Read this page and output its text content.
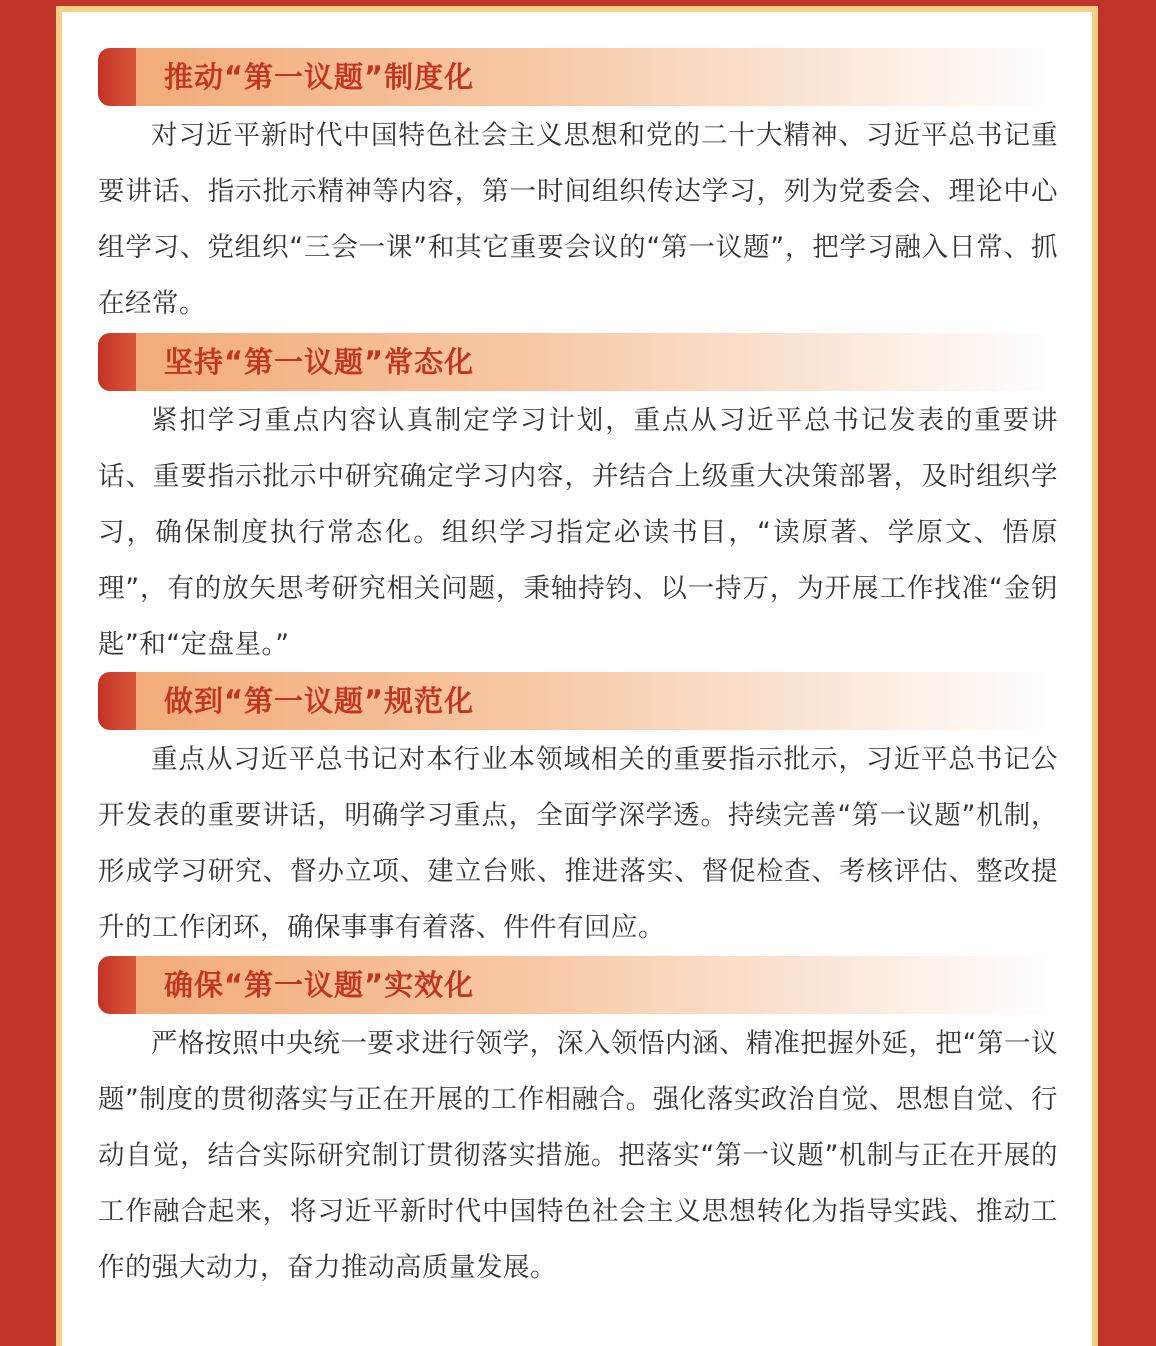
推动“第一议题”制度化

对习近平新时代中国特色社会主义思想和党的二十大精神、习近平总书记重要讲话、指示批示精神等内容，第一时间组织传达学习，列为党委会、理论中心组学习、党组织“三会一课”和其它重要会议的“第一议题”，把学习融入日常、抓在经常。

坚持“第一议题”常态化

紧扣学习重点内容认真制定学习计划，重点从习近平总书记发表的重要讲话、重要指示批示中研究确定学习内容，并结合上级重大决策部署，及时组织学习，确保制度执行常态化。组织学习指定必读书目，“读原著、学原文、悟原理”，有的放矢思考研究相关问题，秉轴持钧、以一持万，为开展工作找准“金钥匙”和“定盘星。”

做到“第一议题”规范化

重点从习近平总书记对本行业本领域相关的重要指示批示，习近平总书记公开发表的重要讲话，明确学习重点，全面学深学透。持续完善“第一议题”机制，形成学习研究、督办立项、建立台账、推进落实、督促检查、考核评估、整改提升的工作闭环，确保事事有着落、件件有回应。

确保“第一议题”实效化

严格按照中央统一要求进行领学，深入领悟内涵、精准把握外延，把“第一议题”制度的贯彻落实与正在开展的工作相融合。强化落实政治自觉、思想自觉、行动自觉，结合实际研究制订贯彻落实措施。把落实“第一议题”机制与正在开展的工作融合起来，将习近平新时代中国特色社会主义思想转化为指导实践、推动工作的强大动力，奋力推动高质量发展。
